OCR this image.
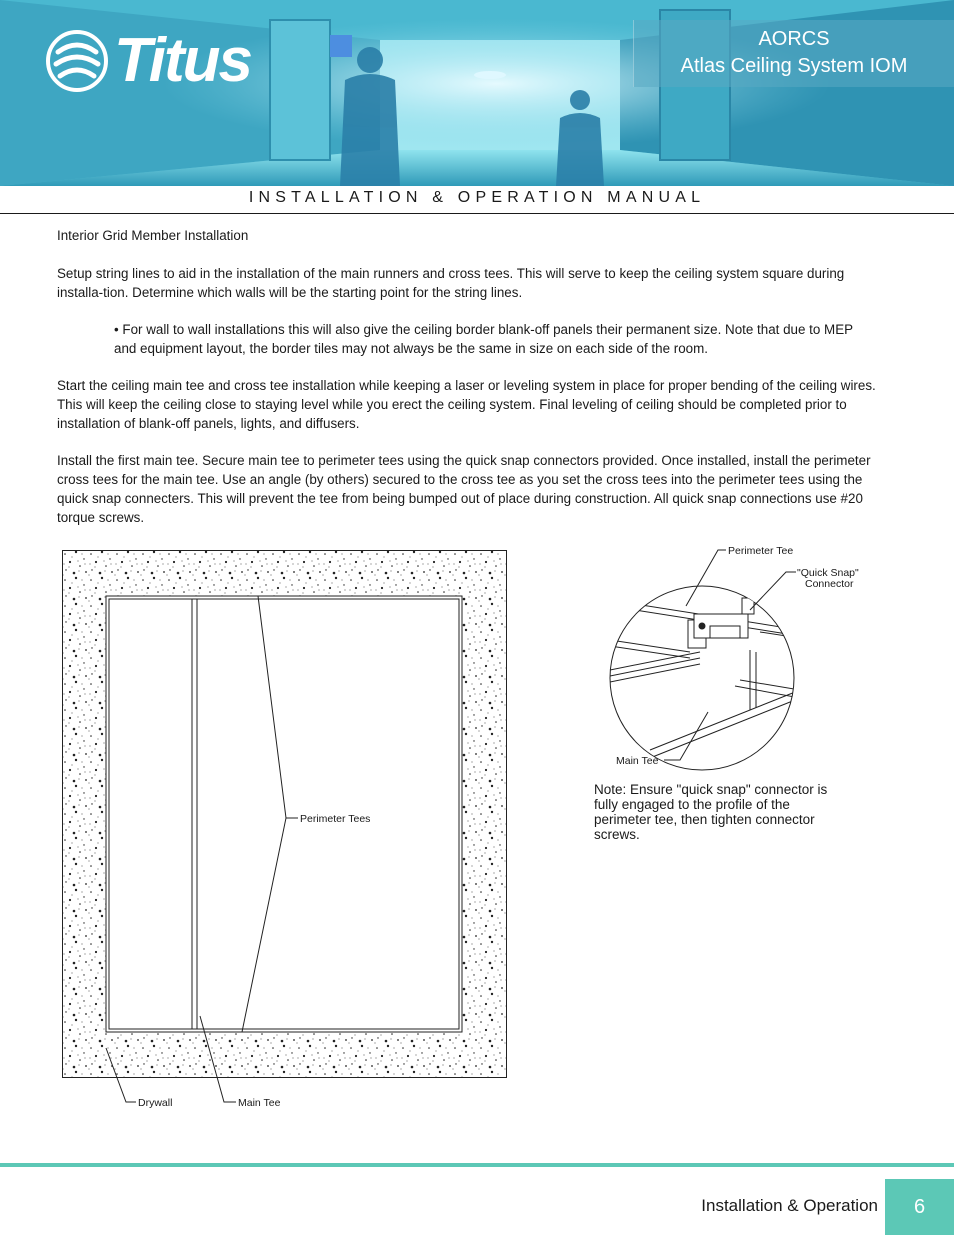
Titus	AORCS
Atlas Ceiling System IOM
INSTALLATION & OPERATION MANUAL
Interior Grid Member Installation
Setup string lines to aid in the installation of the main runners and cross tees. This will serve to keep the ceiling system square during installa-tion. Determine which walls will be the starting point for the string lines.
• For wall to wall installations this will also give the ceiling border blank-off panels their permanent size. Note that due to MEP and equipment layout, the border tiles may not always be the same in size on each side of the room.
Start the ceiling main tee and cross tee installation while keeping a laser or leveling system in place for proper bending of the ceiling wires. This will keep the ceiling close to staying level while you erect the ceiling system. Final leveling of ceiling should be completed prior to installation of blank-off panels, lights, and diffusers.
Install the first main tee. Secure main tee to perimeter tees using the quick snap connectors provided. Once installed, install the perimeter cross tees for the main tee. Use an angle (by others) secured to the cross tee as you set the cross tees into the perimeter tees using the quick snap connecters. This will prevent the tee from being bumped out of place during construction. All quick snap connections use #20 torque screws.
Perimeter Tees
Drywall	Main Tee
Perimeter Tee
"Quick Snap"
Connector
Main Tee
Note: Ensure "quick snap" connector is fully engaged to the profile of the perimeter tee, then tighten connector screws.
Installation & Operation 6
